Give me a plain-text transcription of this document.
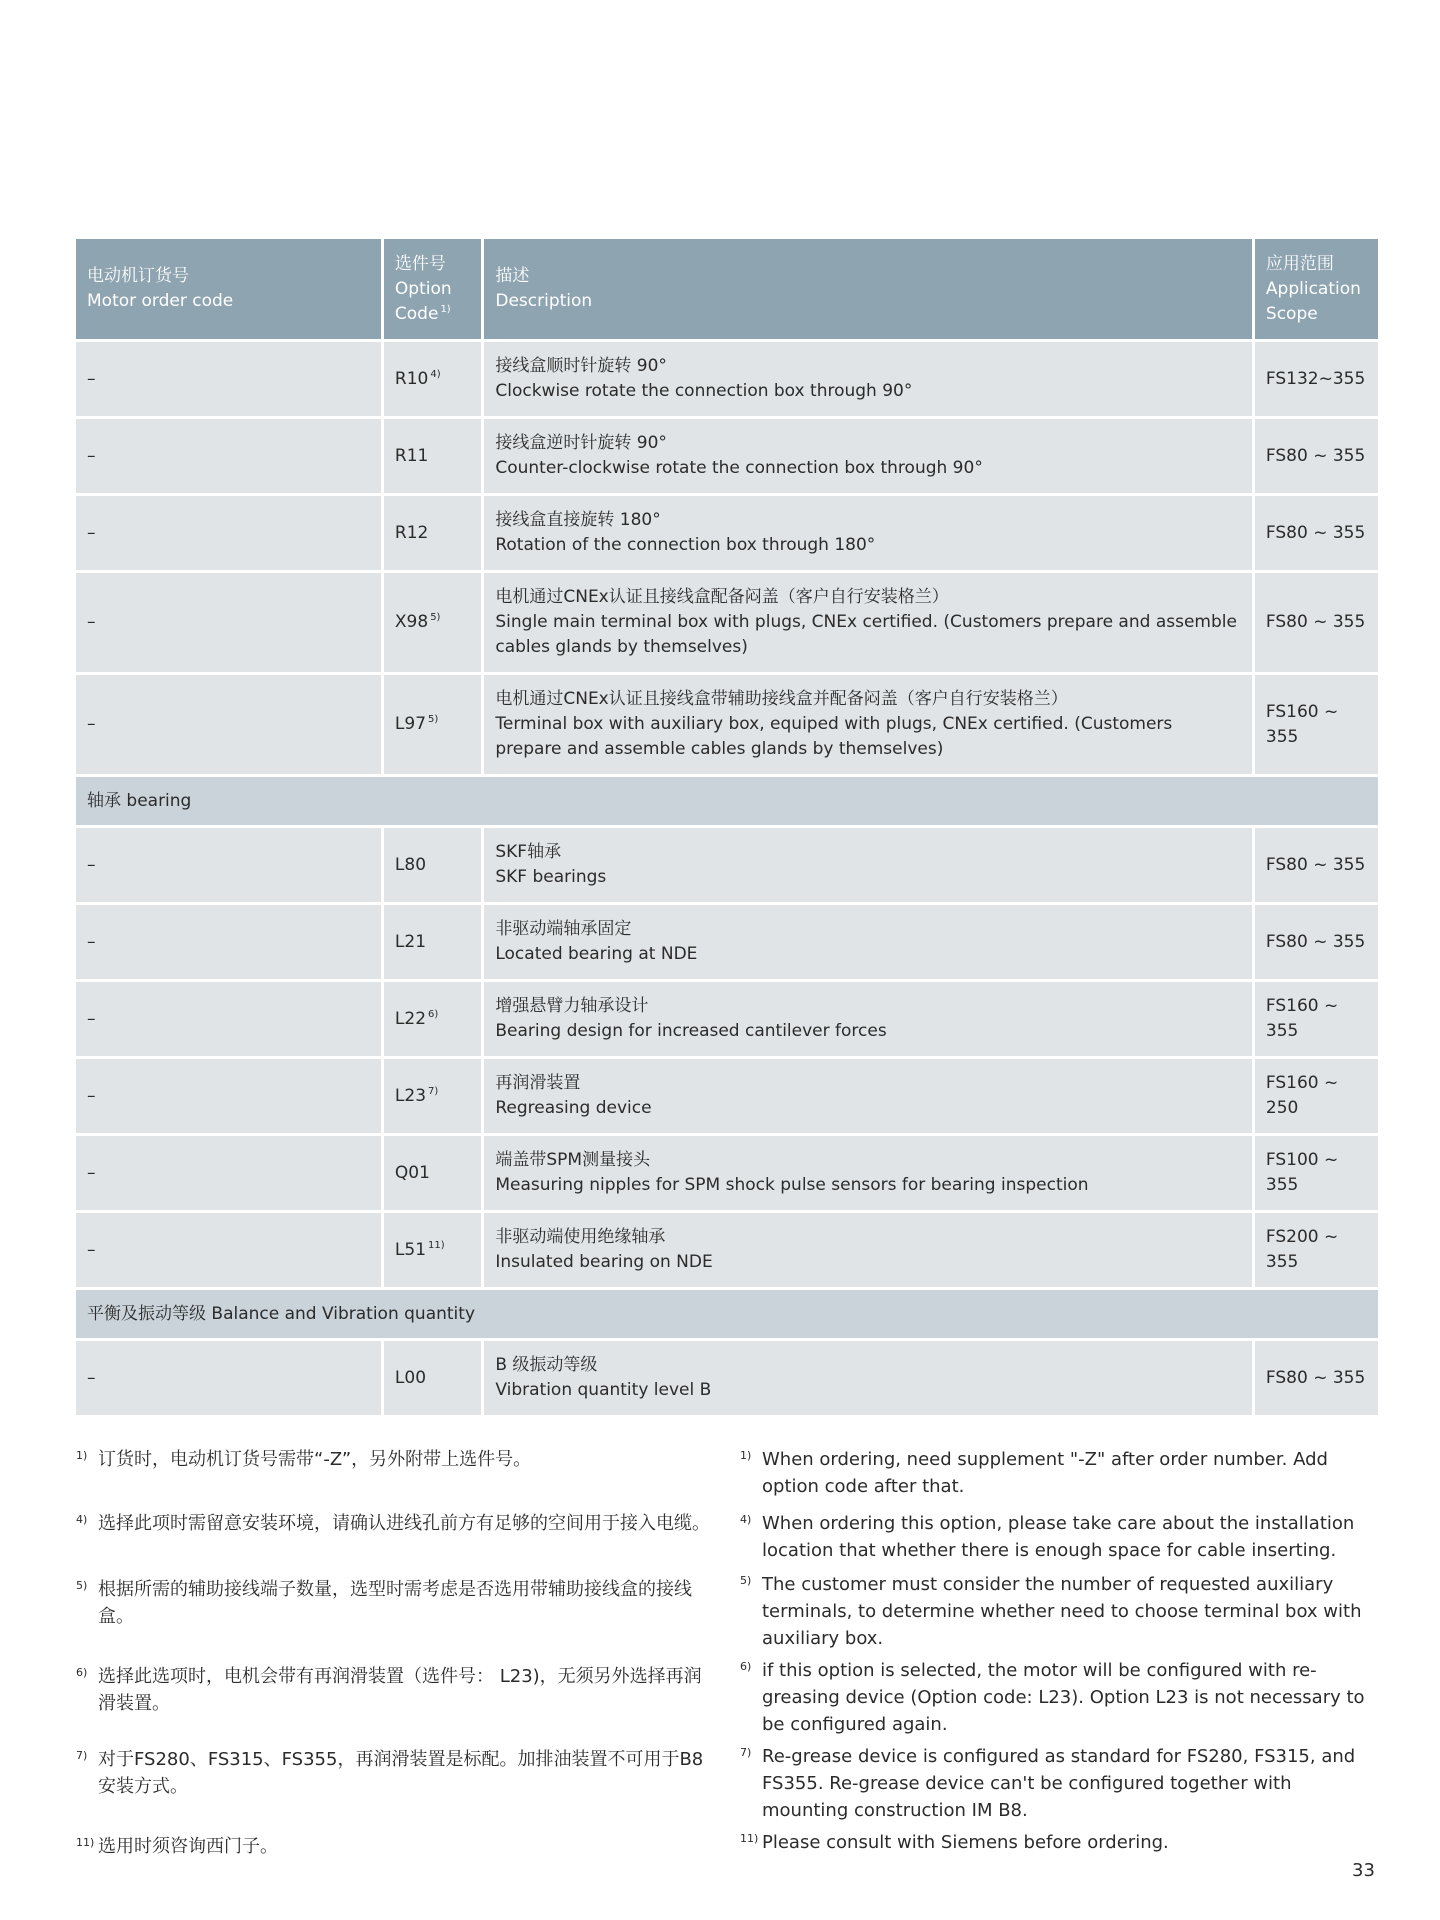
电动机订货号
Motor order code	选件号
Option
Code $^{1)}$	描述
Description	应用范围
Application
Scope

–	R10 $^{4)}$	接线盒顺时针旋转 90°
Clockwise rotate the connection box through 90°	FS132~355
–	R11	接线盒逆时针旋转 90°
Counter-clockwise rotate the connection box through 90°	FS80 ~ 355
–	R12	接线盒直接旋转 180°
Rotation of the connection box through 180°	FS80 ~ 355
–	X98 $^{5)}$	电机通过CNEx认证且接线盒配备闷盖（客户自行安装格兰）
Single main terminal box with plugs, CNEx certified. (Customers prepare and assemble cables glands by themselves)	FS80 ~ 355
–	L97 $^{5)}$	电机通过CNEx认证且接线盒带辅助接线盒并配备闷盖（客户自行安装格兰）
Terminal box with auxiliary box, equiped with plugs, CNEx certified. (Customers prepare and assemble cables glands by themselves)	FS160 ~ 355
轴承 bearing			
–	L80	SKF轴承
SKF bearings	FS80 ~ 355
–	L21	非驱动端轴承固定
Located bearing at NDE	FS80 ~ 355
–	L22 $^{6)}$	增强悬臂力轴承设计
Bearing design for increased cantilever forces	FS160 ~ 355
–	L23 $^{7)}$	再润滑装置
Regreasing device	FS160 ~ 250
–	Q01	端盖带SPM测量接头
Measuring nipples for SPM shock pulse sensors for bearing inspection	FS100 ~ 355
–	L51 $^{11)}$	非驱动端使用绝缘轴承
Insulated bearing on NDE	FS200 ~ 355
平衡及振动等级 Balance and Vibration quantity			
–	L00	B 级振动等级
Vibration quantity level B	FS80 ~ 355
1) 订货时，电动机订货号需带“-Z”，另外附带上选件号。
4) 选择此项时需留意安装环境，请确认进线孔前方有足够的空间用于接入电缆。
5) 根据所需的辅助接线端子数量，选型时需考虑是否选用带辅助接线盒的接线盒。
6) 选择此选项时，电机会带有再润滑装置（选件号： L23)，无须另外选择再润滑装置。
7) 对于FS280、FS315、FS355，再润滑装置是标配。加排油装置不可用于B8安装方式。
11) 选用时须咨询西门子。
1) When ordering, need supplement "-Z" after order number. Add option code after that.
4) When ordering this option, please take care about the installation location that whether there is enough space for cable inserting.
5) The customer must consider the number of requested auxiliary terminals, to determine whether need to choose terminal box with auxiliary box.
6) if this option is selected, the motor will be configured with re-greasing device (Option code: L23). Option L23 is not necessary to be configured again.
7) Re-grease device is configured as standard for FS280, FS315, and FS355. Re-grease device can't be configured together with mounting construction IM B8.
11) Please consult with Siemens before ordering.
33
